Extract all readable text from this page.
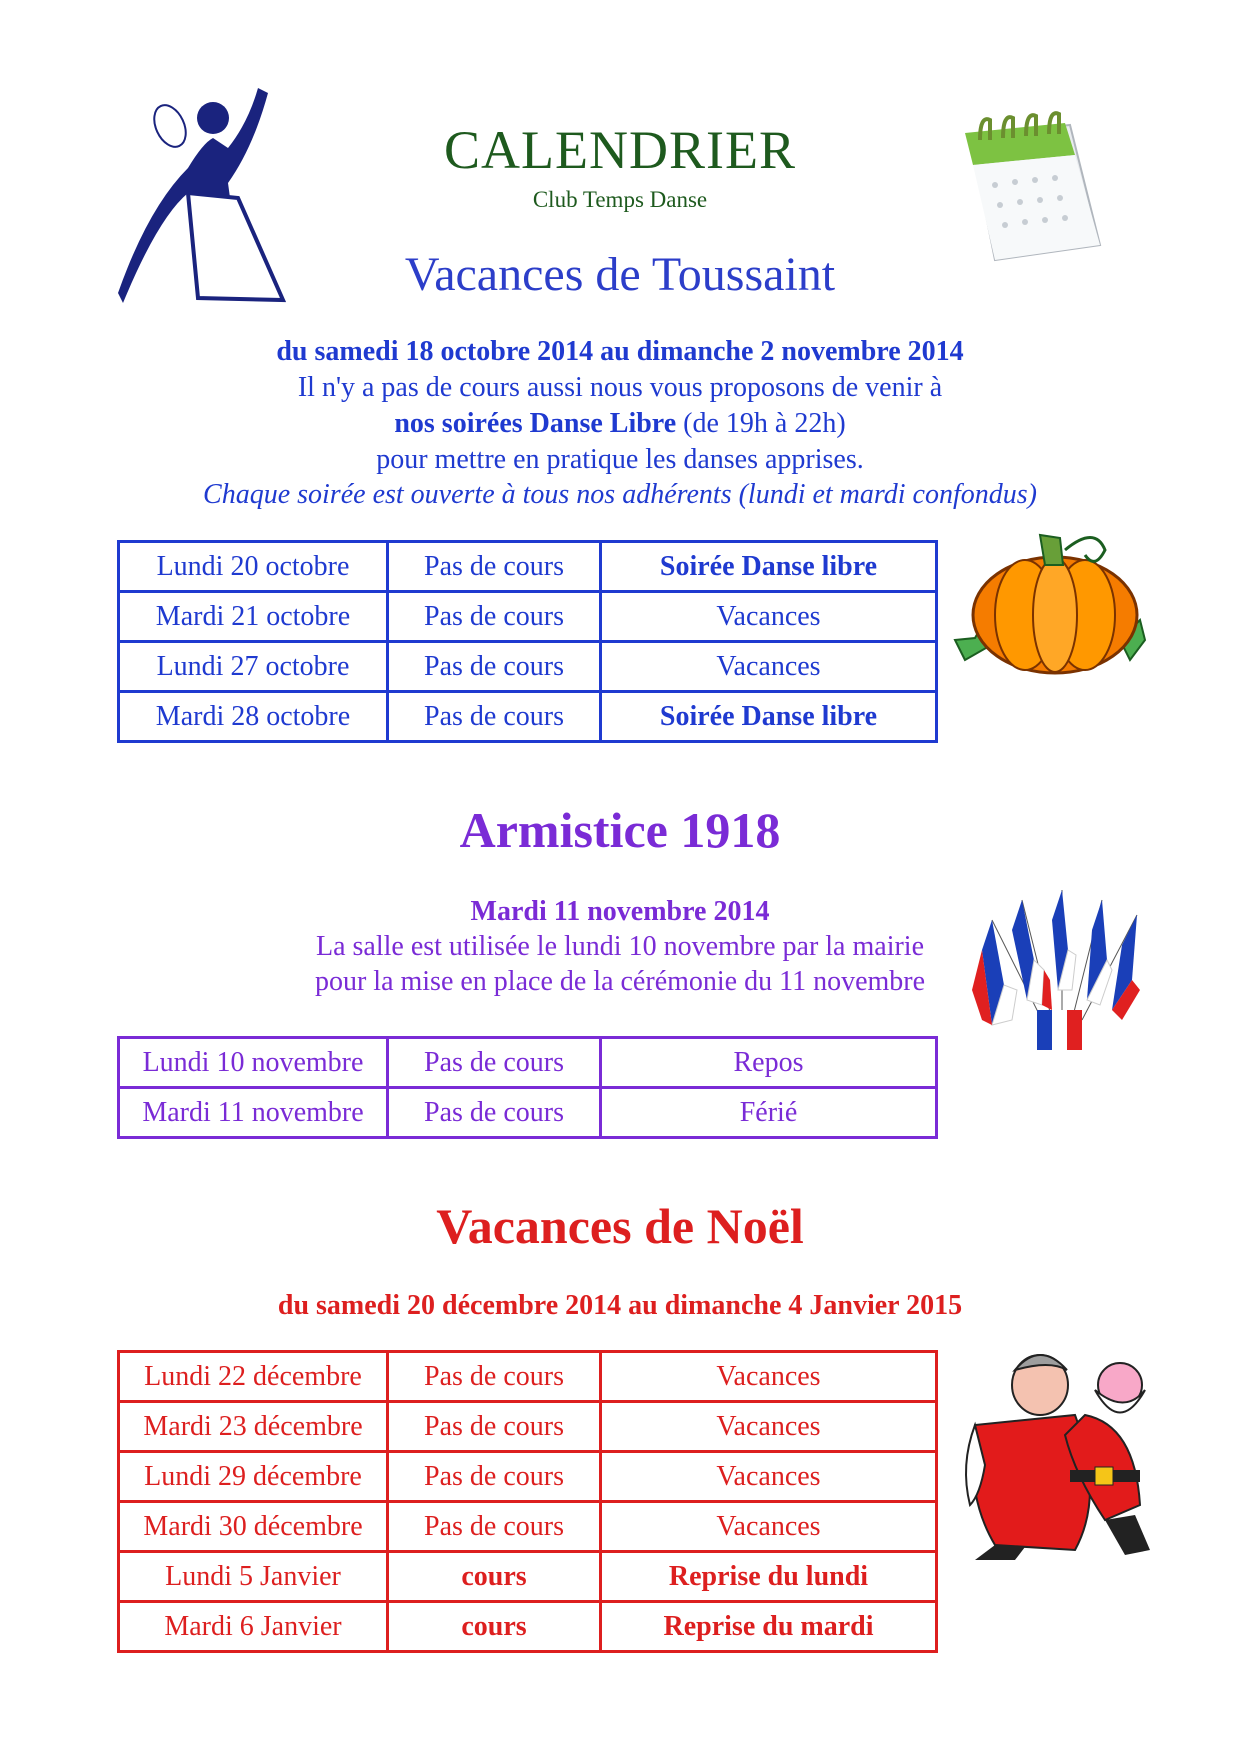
CALENDRIER
Club Temps Danse
Vacances de Toussaint
du samedi 18 octobre 2014 au dimanche 2 novembre 2014
Il n'y a pas de cours aussi nous vous proposons de venir à
nos soirées Danse Libre (de 19h à 22h)
pour mettre en pratique les danses apprises.
Chaque soirée est ouverte à tous nos adhérents (lundi et mardi confondus)
Lundi 20 octobre	Pas de cours	Soirée Danse libre
Mardi 21 octobre	Pas de cours	Vacances
Lundi 27 octobre	Pas de cours	Vacances
Mardi 28 octobre	Pas de cours	Soirée Danse libre
Armistice 1918
Mardi 11 novembre 2014
La salle est utilisée le lundi 10 novembre par la mairie
pour la mise en place de la cérémonie du 11 novembre
Lundi 10 novembre	Pas de cours	Repos
Mardi 11 novembre	Pas de cours	Férié
Vacances de Noël
du samedi 20 décembre 2014 au dimanche 4 Janvier 2015
Lundi 22 décembre	Pas de cours	Vacances
Mardi 23 décembre	Pas de cours	Vacances
Lundi 29 décembre	Pas de cours	Vacances
Mardi 30 décembre	Pas de cours	Vacances
Lundi 5 Janvier	cours	Reprise du lundi
Mardi 6 Janvier	cours	Reprise du mardi
